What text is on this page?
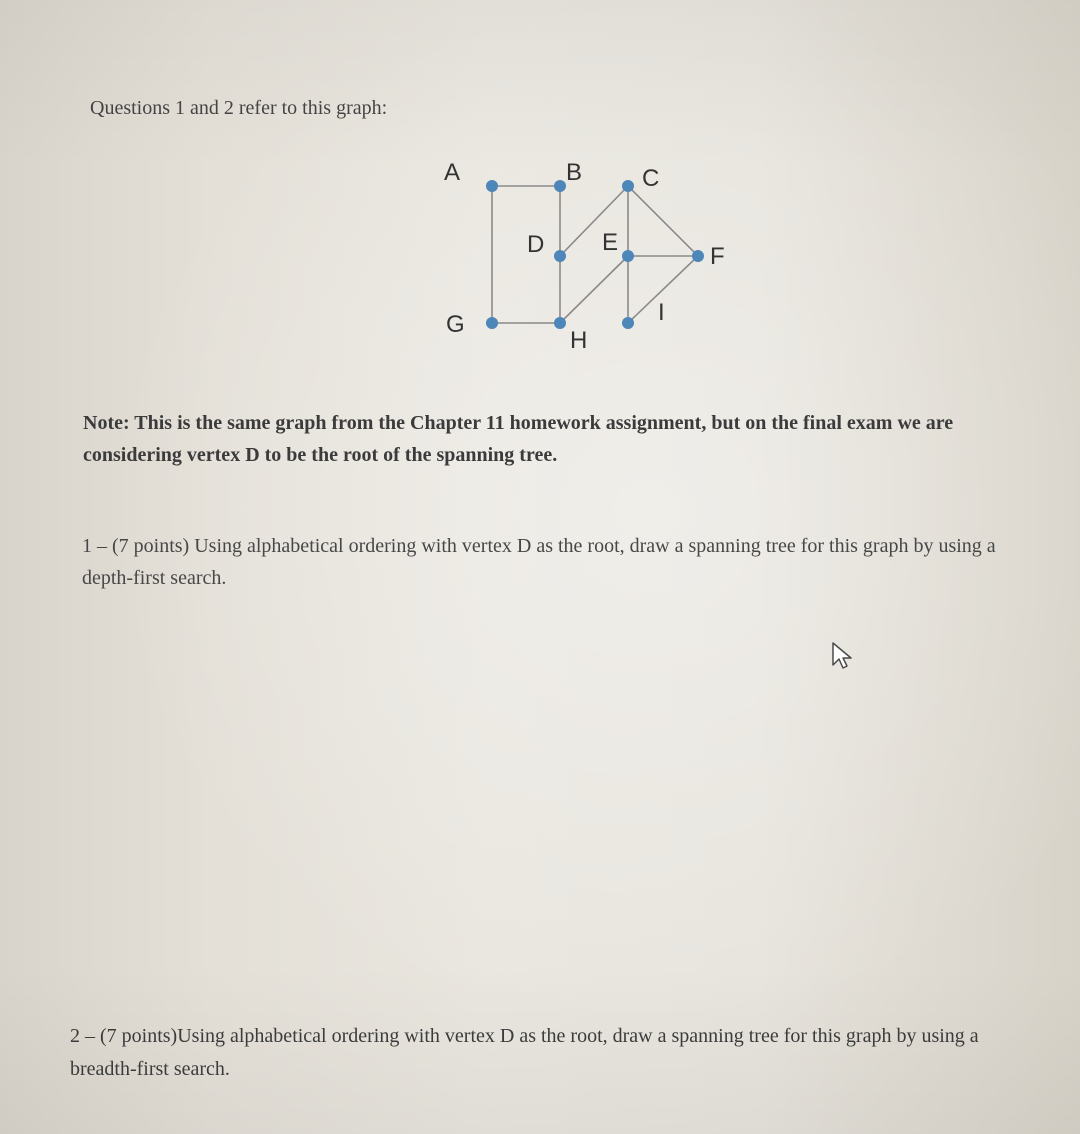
Questions 1 and 2 refer to this graph:
A	B C
D E
F
G
H
I
Note: This is the same graph from the Chapter 11 homework assignment, but on the final exam we are considering vertex D to be the root of the spanning tree.
1 – (7 points) Using alphabetical ordering with vertex D as the root, draw a spanning tree for this graph by using a depth-first search.
2 – (7 points)Using alphabetical ordering with vertex D as the root, draw a spanning tree for this graph by using a breadth-first search.
